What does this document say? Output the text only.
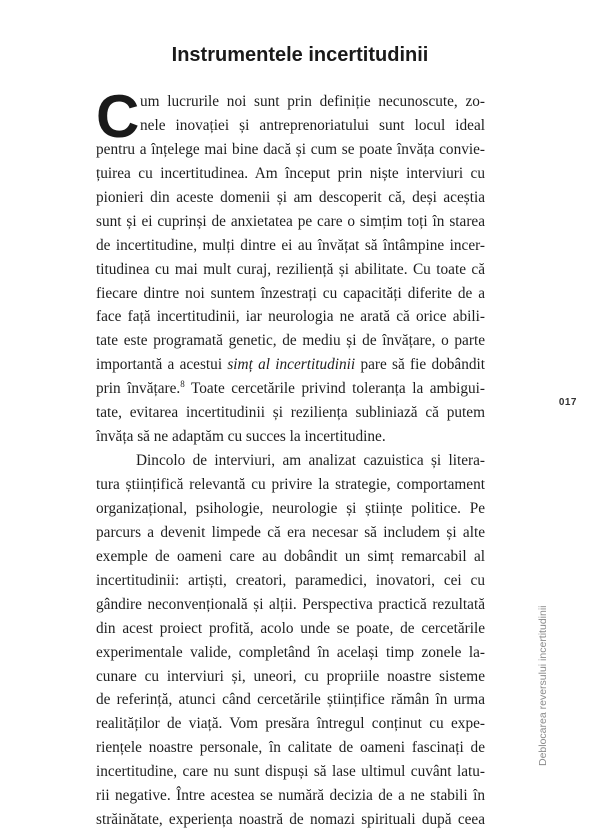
Instrumentele incertitudinii
C um lucrurile noi sunt prin definiție necunoscute, zo-
nele inovației și antreprenoriatului sunt locul ideal
pentru a înțelege mai bine dacă și cum se poate învăța convie-
țuirea cu incertitudinea. Am început prin niște interviuri cu
pionieri din aceste domenii și am descoperit că, deși aceștia
sunt și ei cuprinși de anxietatea pe care o simțim toți în starea
de incertitudine, mulți dintre ei au învățat să întâmpine incer-
titudinea cu mai mult curaj, reziliență și abilitate. Cu toate că
fiecare dintre noi suntem înzestrați cu capacități diferite de a
face față incertitudinii, iar neurologia ne arată că orice abili-
tate este programată genetic, de mediu și de învățare, o parte
importantă a acestui simț al incertitudinii pare să fie dobândit
prin învățare.$^8$ Toate cercetările privind toleranța la ambigui-
tate, evitarea incertitudinii și reziliența subliniază că putem
învăța să ne adaptăm cu succes la incertitudine.
Dincolo de interviuri, am analizat cazuistica și litera-
tura științifică relevantă cu privire la strategie, comportament
organizațional, psihologie, neurologie și științe politice. Pe
parcurs a devenit limpede că era necesar să includem și alte
exemple de oameni care au dobândit un simț remarcabil al
incertitudinii: artiști, creatori, paramedici, inovatori, cei cu
gândire neconvențională și alții. Perspectiva practică rezultată
din acest proiect profită, acolo unde se poate, de cercetările
experimentale valide, completând în același timp zonele la-
cunare cu interviuri și, uneori, cu propriile noastre sisteme
de referință, atunci când cercetările științifice rămân în urma
realităților de viață. Vom presăra întregul conținut cu expe-
riențele noastre personale, în calitate de oameni fascinați de
incertitudine, care nu sunt dispuși să lase ultimul cuvânt latu-
rii negative. Între acestea se numără decizia de a ne stabili în
străinătate, experiența noastră de nomazi spirituali după ceea
017
Deblocarea reversului incertitudinii
